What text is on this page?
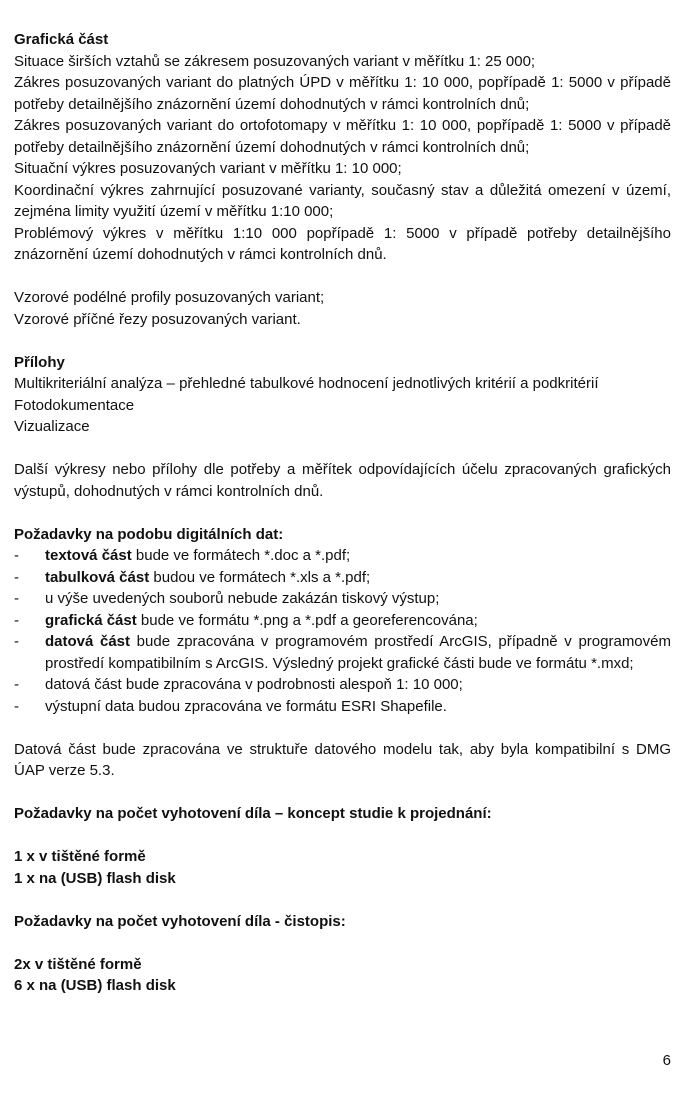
Grafická část

Situace širších vztahů se zákresem posuzovaných variant v měřítku 1: 25 000;

Zákres posuzovaných variant do platných ÚPD v měřítku 1: 10 000, popřípadě 1: 5000 v případě potřeby detailnějšího znázornění území dohodnutých v rámci kontrolních dnů;

Zákres posuzovaných variant do ortofotomapy v měřítku 1: 10 000, popřípadě 1: 5000 v případě potřeby detailnějšího znázornění území dohodnutých v rámci kontrolních dnů;

Situační výkres posuzovaných variant v měřítku 1: 10 000;

Koordinační výkres zahrnující posuzované varianty, současný stav a důležitá omezení v území, zejména limity využití území v měřítku 1:10 000;

Problémový výkres v měřítku 1:10 000 popřípadě 1: 5000 v případě potřeby detailnějšího znázornění území dohodnutých v rámci kontrolních dnů.

Vzorové podélné profily posuzovaných variant;

Vzorové příčné řezy posuzovaných variant.

Přílohy

Multikriteriální analýza – přehledné tabulkové hodnocení jednotlivých kritérií a podkritérií

Fotodokumentace

Vizualizace

Další výkresy nebo přílohy dle potřeby a měřítek odpovídajících účelu zpracovaných grafických výstupů, dohodnutých v rámci kontrolních dnů.

Požadavky na podobu digitálních dat:

- textová část bude ve formátech *.doc a *.pdf;
- tabulková část budou ve formátech *.xls a *.pdf;
- u výše uvedených souborů nebude zakázán tiskový výstup;
- grafická část bude ve formátu *.png a *.pdf a georeferencována;
- datová část bude zpracována v programovém prostředí ArcGIS, případně v programovém prostředí kompatibilním s ArcGIS. Výsledný projekt grafické části bude ve formátu *.mxd;
- datová část bude zpracována v podrobnosti alespoň 1: 10 000;
- výstupní data budou zpracována ve formátu ESRI Shapefile.

Datová část bude zpracována ve struktuře datového modelu tak, aby byla kompatibilní s DMG ÚAP verze 5.3.

Požadavky na počet vyhotovení díla – koncept studie k projednání:

1 x v tištěné formě

1 x na (USB) flash disk

Požadavky na počet vyhotovení díla - čistopis:

2x v tištěné formě

6 x na (USB) flash disk

6
